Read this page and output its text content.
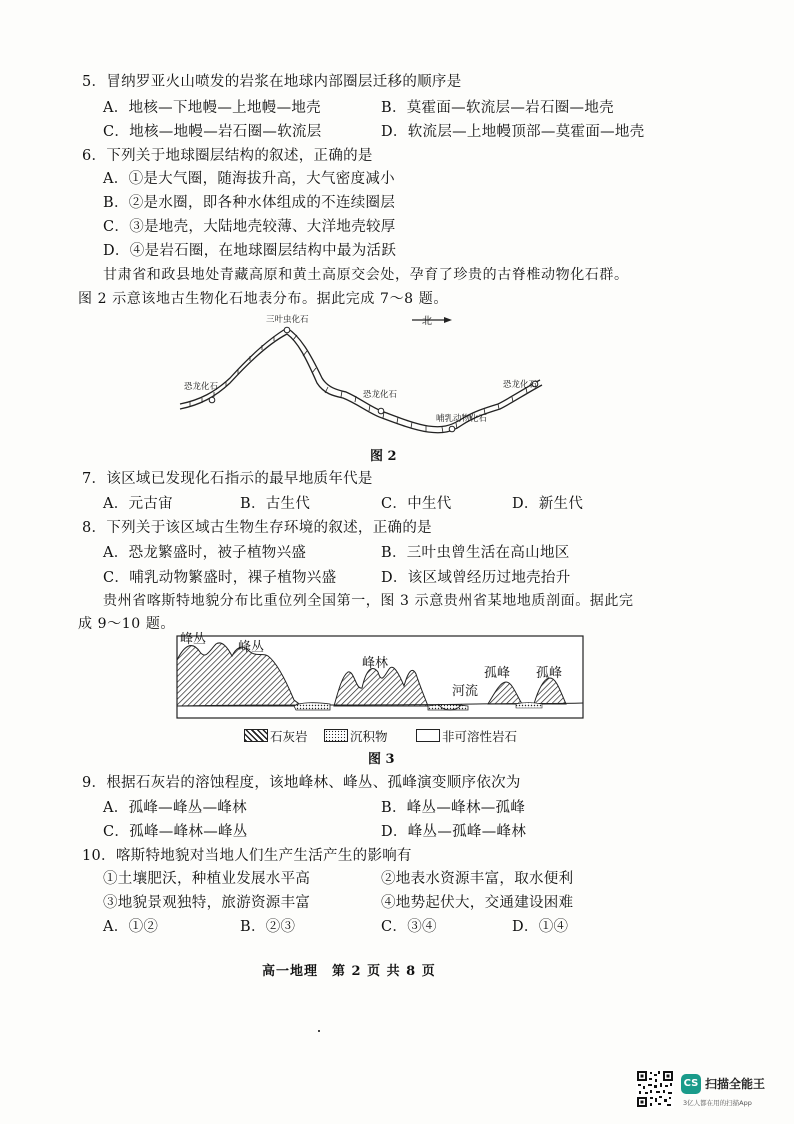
5．冒纳罗亚火山喷发的岩浆在地球内部圈层迁移的顺序是
A．地核—下地幔—上地幔—地壳	B．莫霍面—软流层—岩石圈—地壳
C．地核—地幔—岩石圈—软流层	D．软流层—上地幔顶部—莫霍面—地壳
6．下列关于地球圈层结构的叙述，正确的是
A．①是大气圈，随海拔升高，大气密度减小
B．②是水圈，即各种水体组成的不连续圈层
C．③是地壳，大陆地壳较薄、大洋地壳较厚
D．④是岩石圈，在地球圈层结构中最为活跃
甘肃省和政县地处青藏高原和黄土高原交会处，孕育了珍贵的古脊椎动物化石群。
图 2 示意该地古生物化石地表分布。据此完成 7～8 题。
北
三叶虫化石
恐龙化石
恐龙化石
哺乳动物化石
恐龙化石
图 2
7．该区域已发现化石指示的最早地质年代是
A．元古宙	B．古生代	C．中生代	D．新生代
8．下列关于该区域古生物生存环境的叙述，正确的是
A．恐龙繁盛时，被子植物兴盛	B．三叶虫曾生活在高山地区
C．哺乳动物繁盛时，裸子植物兴盛	D．该区域曾经历过地壳抬升
贵州省喀斯特地貌分布比重位列全国第一，图 3 示意贵州省某地地质剖面。据此完
成 9～10 题。
峰丛
峰丛
峰林
孤峰 孤峰
河流
石灰岩	沉积物	非可溶性岩石
图 3
9．根据石灰岩的溶蚀程度，该地峰林、峰丛、孤峰演变顺序依次为
A．孤峰—峰丛—峰林	B．峰丛—峰林—孤峰
C．孤峰—峰林—峰丛	D．峰丛—孤峰—峰林
10．喀斯特地貌对当地人们生产生活产生的影响有
①土壤肥沃，种植业发展水平高	②地表水资源丰富，取水便利
③地貌景观独特，旅游资源丰富	④地势起伏大，交通建设困难
A．①②	B．②③	C．③④	D．①④
高一地理　第 2 页 共 8 页
CS 扫描全能王
3亿人都在用的扫描App
